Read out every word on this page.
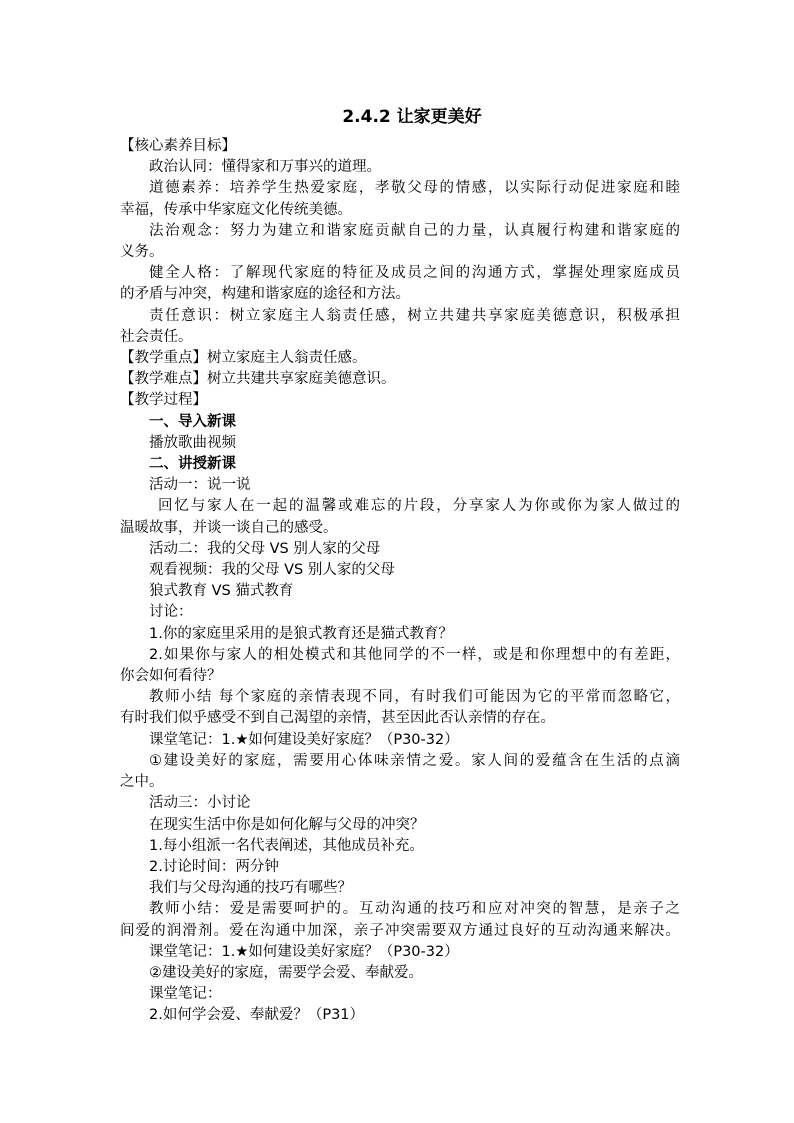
2.4.2 让家更美好
【核心素养目标】
政治认同：懂得家和万事兴的道理。
道德素养：培养学生热爱家庭，孝敬父母的情感，以实际行动促进家庭和睦
幸福，传承中华家庭文化传统美德。
法治观念：努力为建立和谐家庭贡献自己的力量，认真履行构建和谐家庭的
义务。
健全人格：了解现代家庭的特征及成员之间的沟通方式，掌握处理家庭成员
的矛盾与冲突，构建和谐家庭的途径和方法。
责任意识：树立家庭主人翁责任感，树立共建共享家庭美德意识，积极承担
社会责任。
【教学重点】树立家庭主人翁责任感。
【教学难点】树立共建共享家庭美德意识。
【教学过程】
一、导入新课
播放歌曲视频
二、讲授新课
活动一：说一说
回忆与家人在一起的温馨或难忘的片段，分享家人为你或你为家人做过的
温暖故事，并谈一谈自己的感受。
活动二：我的父母 VS 别人家的父母
观看视频：我的父母 VS 别人家的父母
狼式教育 VS 猫式教育
讨论：
1.你的家庭里采用的是狼式教育还是猫式教育？
2.如果你与家人的相处模式和其他同学的不一样，或是和你理想中的有差距，
你会如何看待？
教师小结 每个家庭的亲情表现不同，有时我们可能因为它的平常而忽略它，
有时我们似乎感受不到自己渴望的亲情，甚至因此否认亲情的存在。
课堂笔记：1.★如何建设美好家庭？（P30-32）
①建设美好的家庭，需要用心体味亲情之爱。家人间的爱蕴含在生活的点滴
之中。
活动三：小讨论
在现实生活中你是如何化解与父母的冲突？
1.每小组派一名代表阐述，其他成员补充。
2.讨论时间：两分钟
我们与父母沟通的技巧有哪些？
教师小结：爱是需要呵护的。互动沟通的技巧和应对冲突的智慧，是亲子之
间爱的润滑剂。爱在沟通中加深，亲子冲突需要双方通过良好的互动沟通来解决。
课堂笔记：1.★如何建设美好家庭？（P30-32）
②建设美好的家庭，需要学会爱、奉献爱。
课堂笔记：
2.如何学会爱、奉献爱？（P31）
